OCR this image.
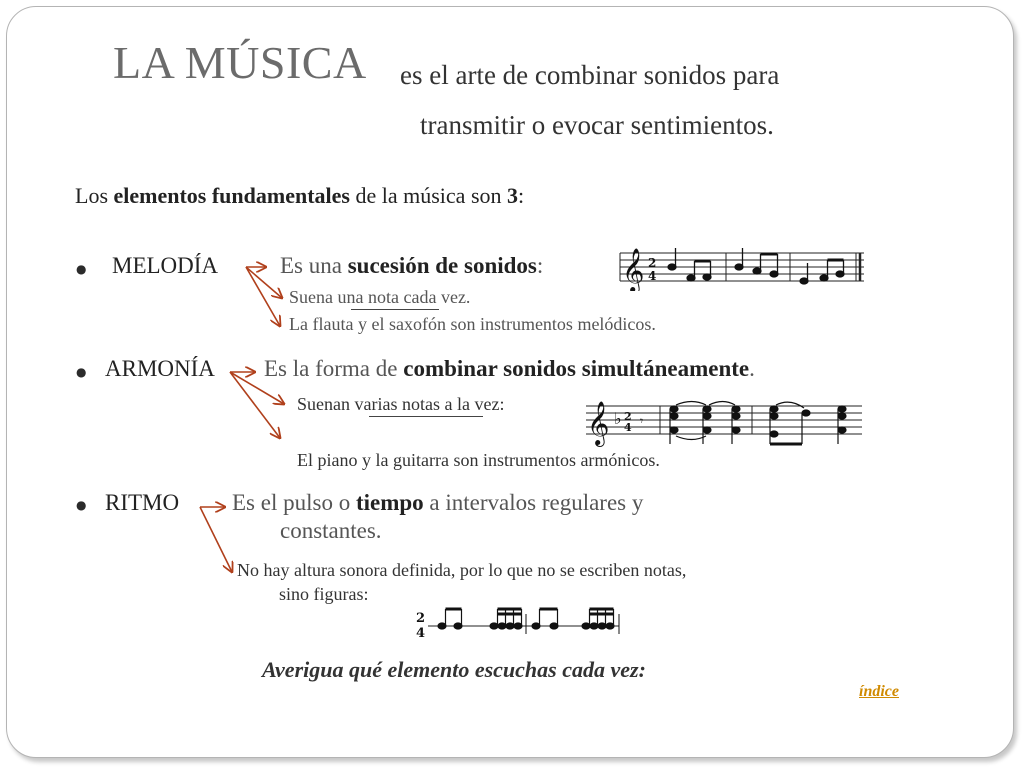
LA MÚSICA es el arte de combinar sonidos para
transmitir o evocar sentimientos.
Los elementos fundamentales de la música son 3:
● MELODÍA	Es una sucesión de sonidos:
Suena una nota cada vez.
La flauta y el saxofón son instrumentos melódicos.
𝄞 2
4
● ARMONÍA Es la forma de combinar sonidos simultáneamente.
Suenan varias notas a la vez:
El piano y la guitarra son instrumentos armónicos.
𝄞 ♭ 2
4 𝄾
● RITMO Es el pulso o tiempo a intervalos regulares y
constantes.
No hay altura sonora definida, por lo que no se escriben notas,
sino figuras:
2
4
Averigua qué elemento escuchas cada vez:
índice
